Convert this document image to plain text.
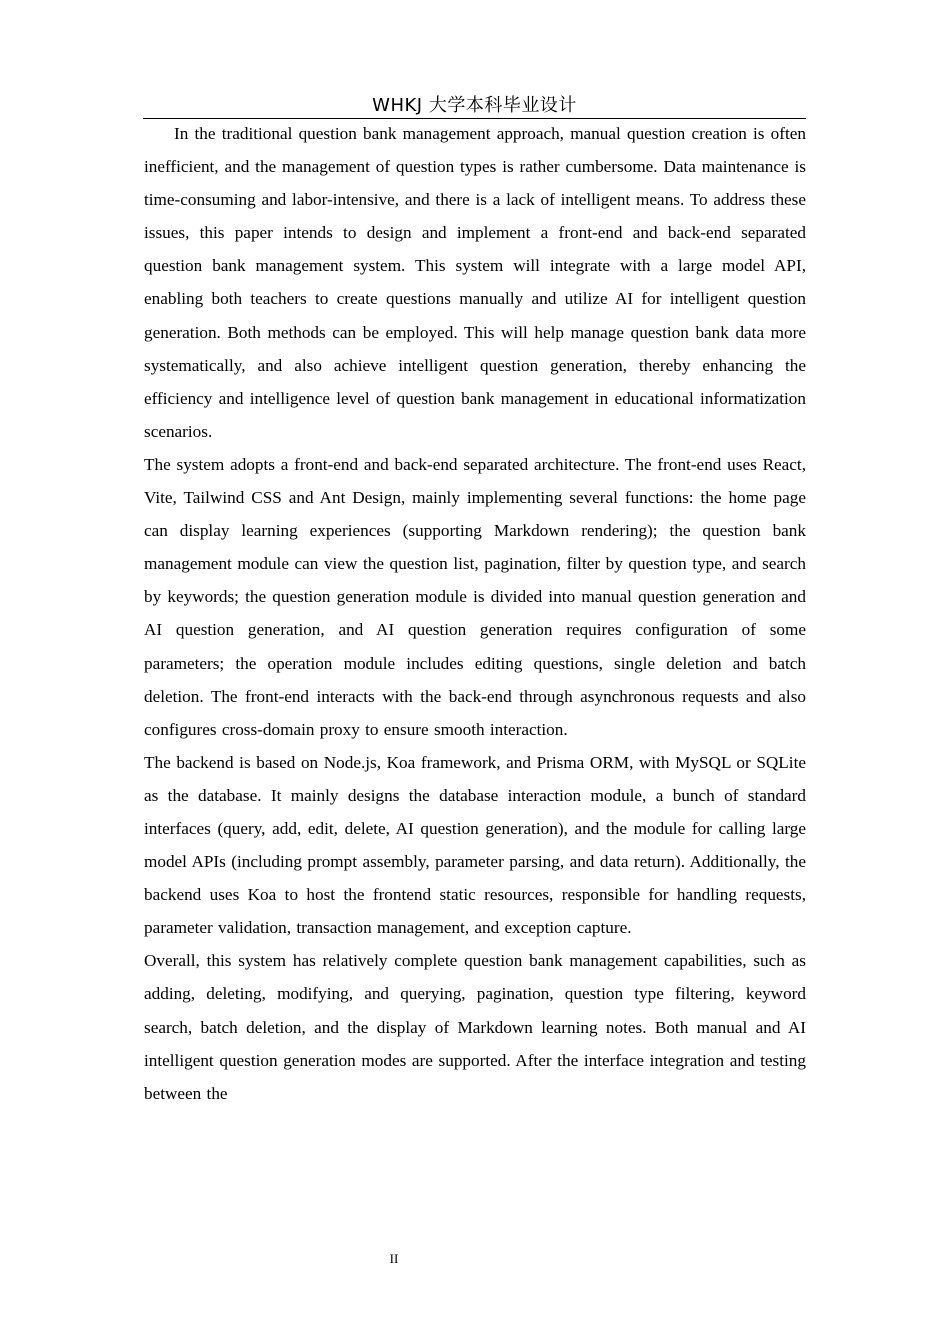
WHKJ 大学本科毕业设计

In the traditional question bank management approach, manual question creation is often inefficient, and the management of question types is rather cumbersome. Data maintenance is time-consuming and labor-intensive, and there is a lack of intelligent means. To address these issues, this paper intends to design and implement a front-end and back-end separated question bank management system. This system will integrate with a large model API, enabling both teachers to create questions manually and utilize AI for intelligent question generation. Both methods can be employed. This will help manage question bank data more systematically, and also achieve intelligent question generation, thereby enhancing the efficiency and intelligence level of question bank management in educational informatization scenarios.

The system adopts a front-end and back-end separated architecture. The front-end uses React, Vite, Tailwind CSS and Ant Design, mainly implementing several functions: the home page can display learning experiences (supporting Markdown rendering); the question bank management module can view the question list, pagination, filter by question type, and search by keywords; the question generation module is divided into manual question generation and AI question generation, and AI question generation requires configuration of some parameters; the operation module includes editing questions, single deletion and batch deletion. The front-end interacts with the back-end through asynchronous requests and also configures cross-domain proxy to ensure smooth interaction.

The backend is based on Node.js, Koa framework, and Prisma ORM, with MySQL or SQLite as the database. It mainly designs the database interaction module, a bunch of standard interfaces (query, add, edit, delete, AI question generation), and the module for calling large model APIs (including prompt assembly, parameter parsing, and data return). Additionally, the backend uses Koa to host the frontend static resources, responsible for handling requests, parameter validation, transaction management, and exception capture.

Overall, this system has relatively complete question bank management capabilities, such as adding, deleting, modifying, and querying, pagination, question type filtering, keyword search, batch deletion, and the display of Markdown learning notes. Both manual and AI intelligent question generation modes are supported. After the interface integration and testing between the

II
